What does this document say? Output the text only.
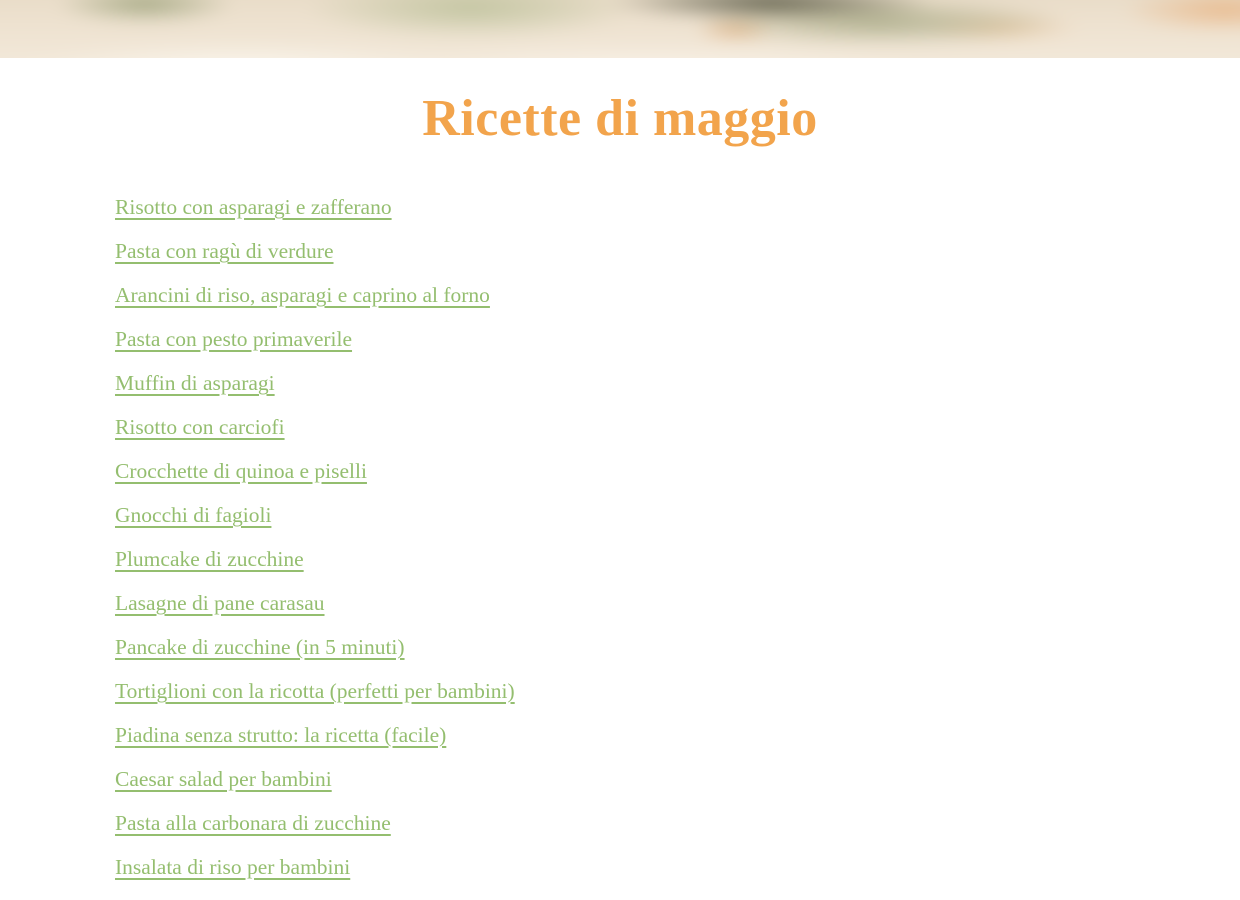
Ricette di maggio

Risotto con asparagi e zafferano

Pasta con ragù di verdure

Arancini di riso, asparagi e caprino al forno

Pasta con pesto primaverile

Muffin di asparagi

Risotto con carciofi

Crocchette di quinoa e piselli

Gnocchi di fagioli

Plumcake di zucchine

Lasagne di pane carasau

Pancake di zucchine (in 5 minuti)

Tortiglioni con la ricotta (perfetti per bambini)

Piadina senza strutto: la ricetta (facile)

Caesar salad per bambini

Pasta alla carbonara di zucchine

Insalata di riso per bambini
